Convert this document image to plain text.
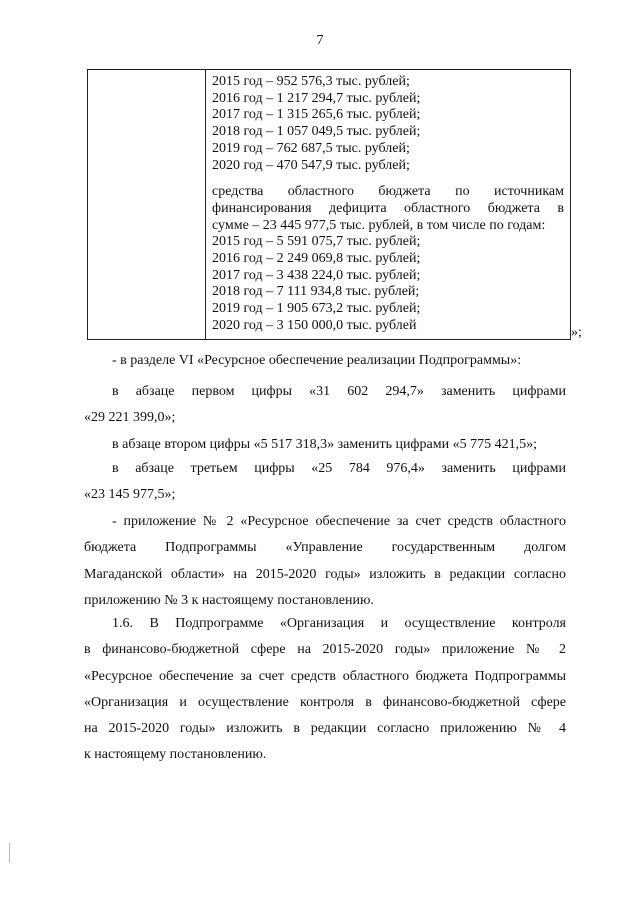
7
2015 год – 952 576,3 тыс. рублей;
2016 год – 1 217 294,7 тыс. рублей;
2017 год – 1 315 265,6 тыс. рублей;
2018 год – 1 057 049,5 тыс. рублей;
2019 год – 762 687,5 тыс. рублей;
2020 год – 470 547,9 тыс. рублей;
средства областного бюджета по источникам
финансирования дефицита областного бюджета в
сумме – 23 445 977,5 тыс. рублей, в том числе по годам:
2015 год – 5 591 075,7 тыс. рублей;
2016 год – 2 249 069,8 тыс. рублей;
2017 год – 3 438 224,0 тыс. рублей;
2018 год – 7 111 934,8 тыс. рублей;
2019 год – 1 905 673,2 тыс. рублей;
2020 год – 3 150 000,0 тыс. рублей	»;

- в разделе VI «Ресурсное обеспечение реализации Подпрограммы»:

в абзаце первом цифры «31 602 294,7» заменить цифрами
«29 221 399,0»;

в абзаце втором цифры «5 517 318,3» заменить цифрами «5 775 421,5»;

в абзаце третьем цифры «25 784 976,4» заменить цифрами
«23 145 977,5»;

- приложение № 2 «Ресурсное обеспечение за счет средств областного
бюджета Подпрограммы «Управление государственным долгом
Магаданской области» на 2015-2020 годы» изложить в редакции согласно
приложению № 3 к настоящему постановлению.

1.6. В Подпрограмме «Организация и осуществление контроля
в финансово-бюджетной сфере на 2015-2020 годы» приложение № 2
«Ресурсное обеспечение за счет средств областного бюджета Подпрограммы
«Организация и осуществление контроля в финансово-бюджетной сфере
на 2015-2020 годы» изложить в редакции согласно приложению № 4
к настоящему постановлению.
